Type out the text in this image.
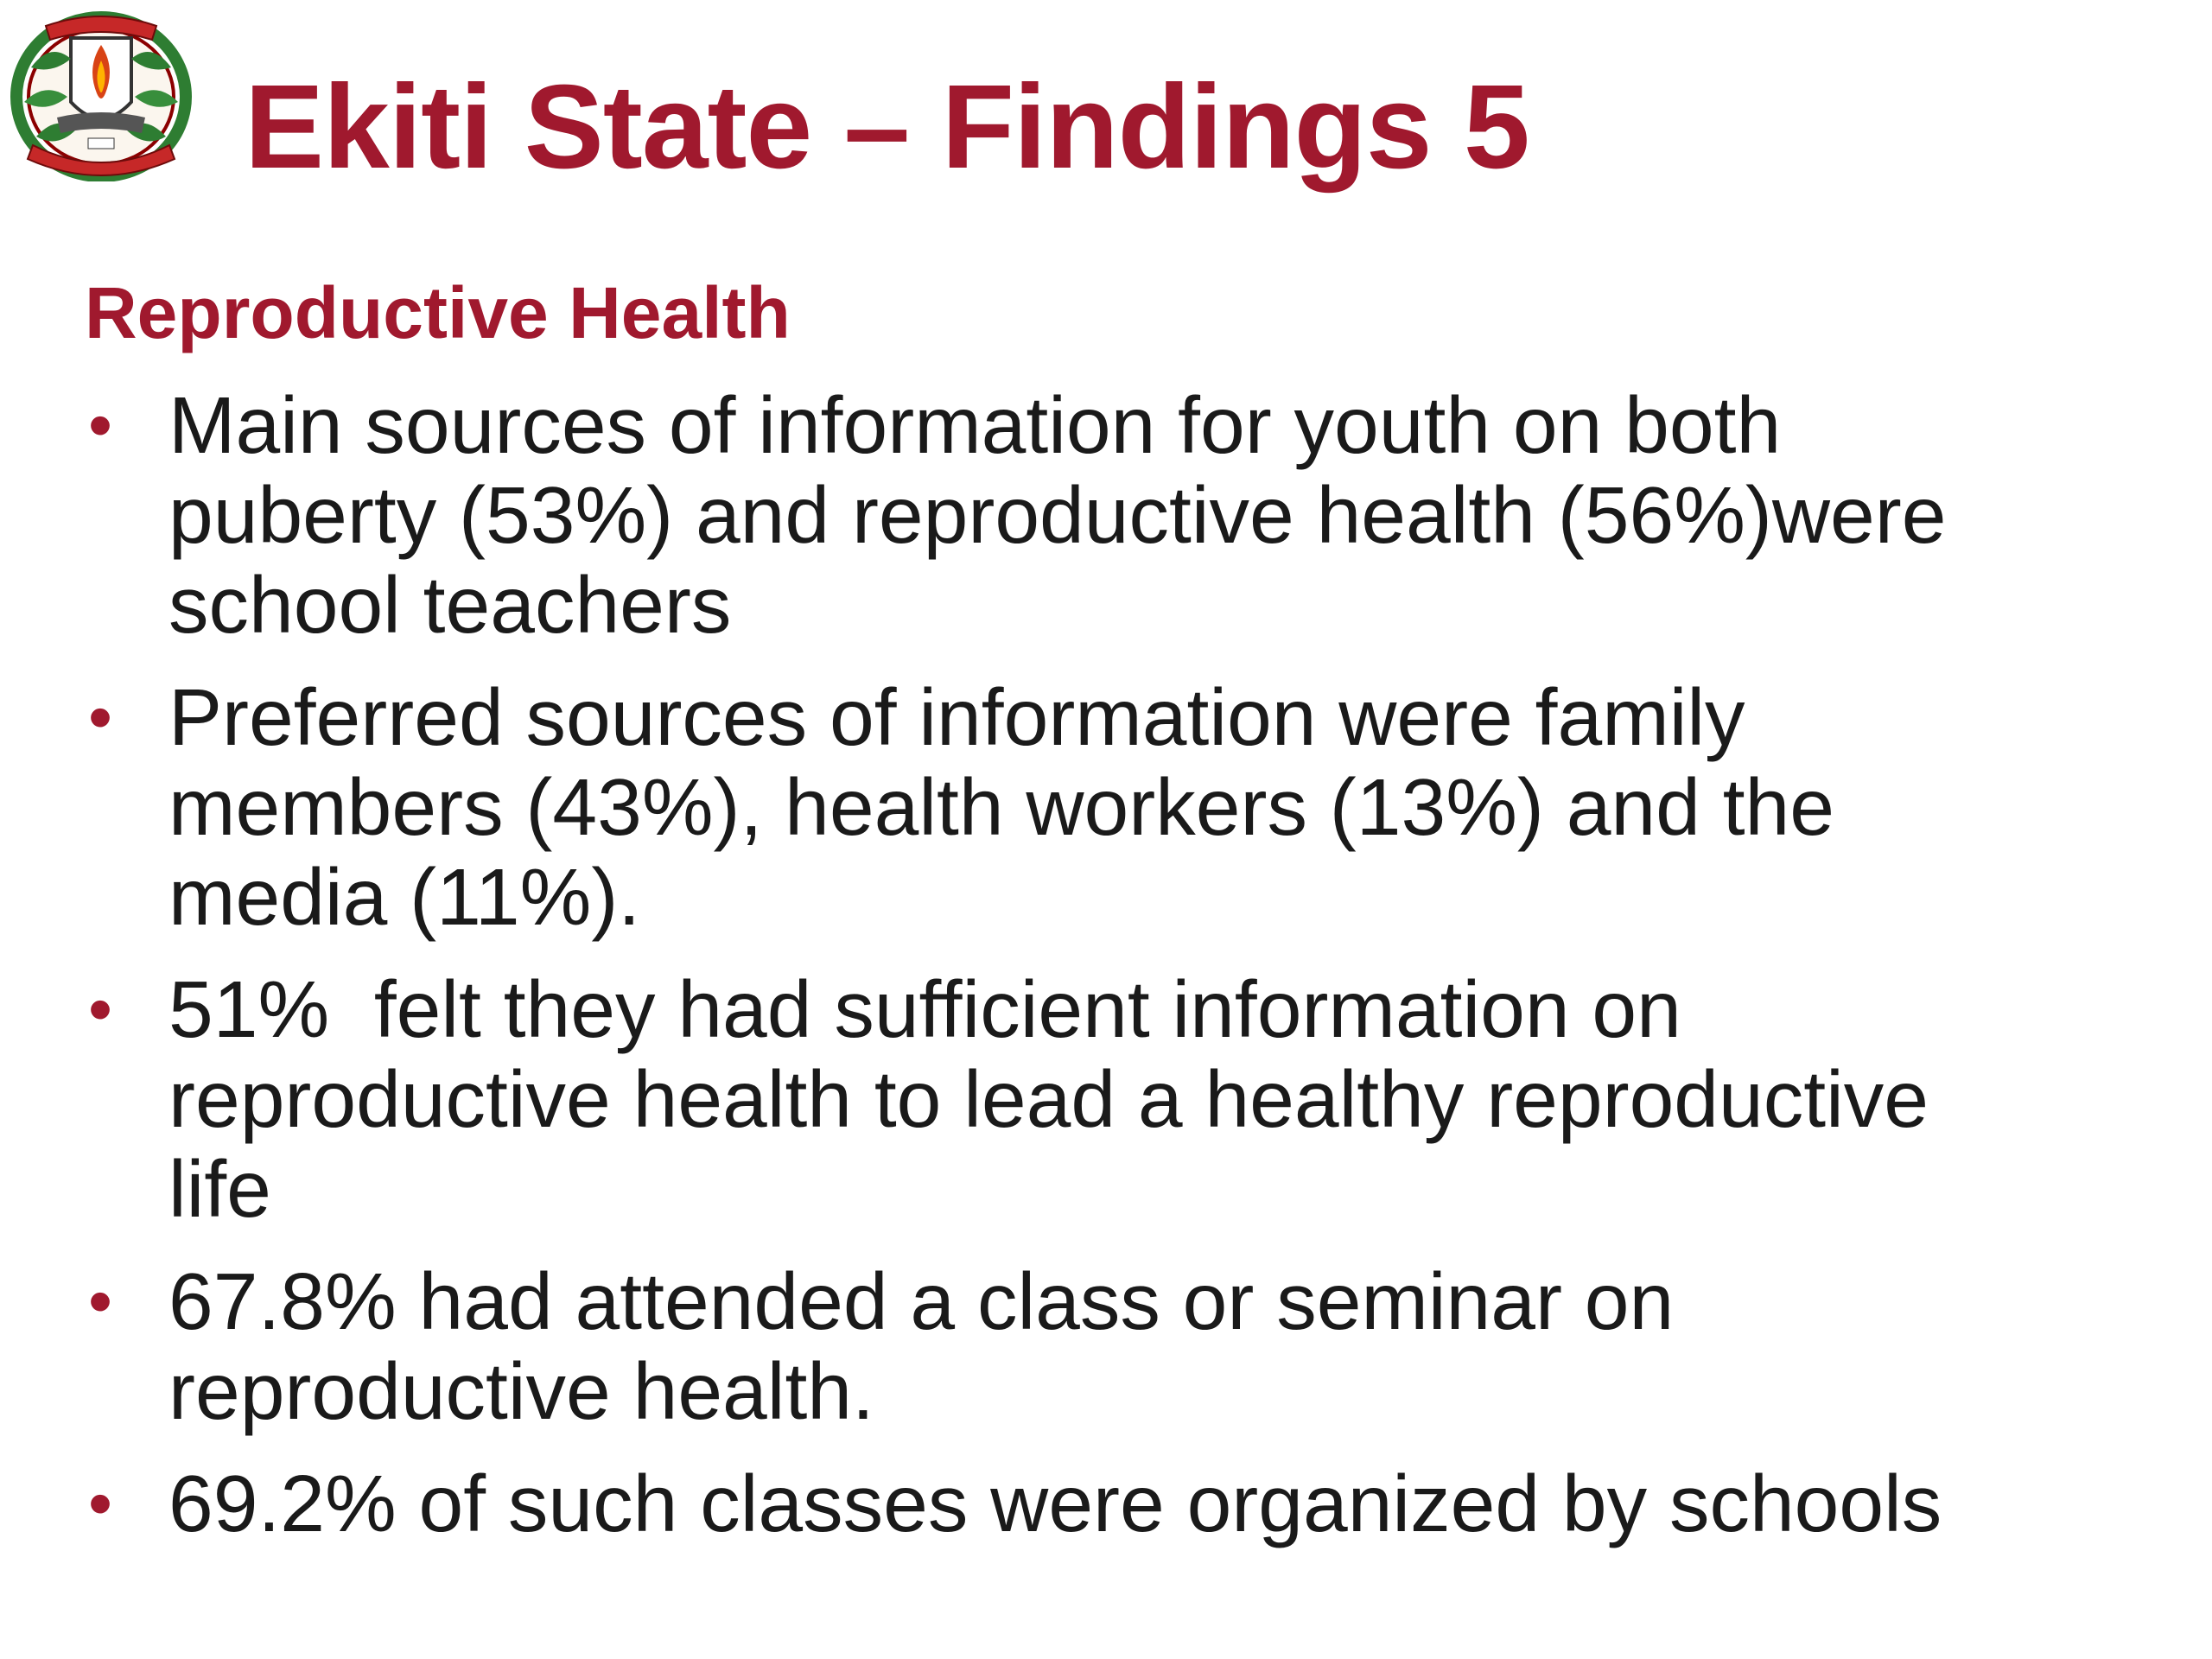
Ekiti State – Findings 5
Reproductive Health
• Main sources of information for youth on both
puberty (53%) and reproductive health (56%)were
school teachers
• Preferred sources of information were family
members (43%), health workers (13%) and the
media (11%).
• 51%  felt they had sufficient information on
reproductive health to lead a healthy reproductive
life
• 67.8% had attended a class or seminar on
reproductive health.
• 69.2% of such classes were organized by schools
